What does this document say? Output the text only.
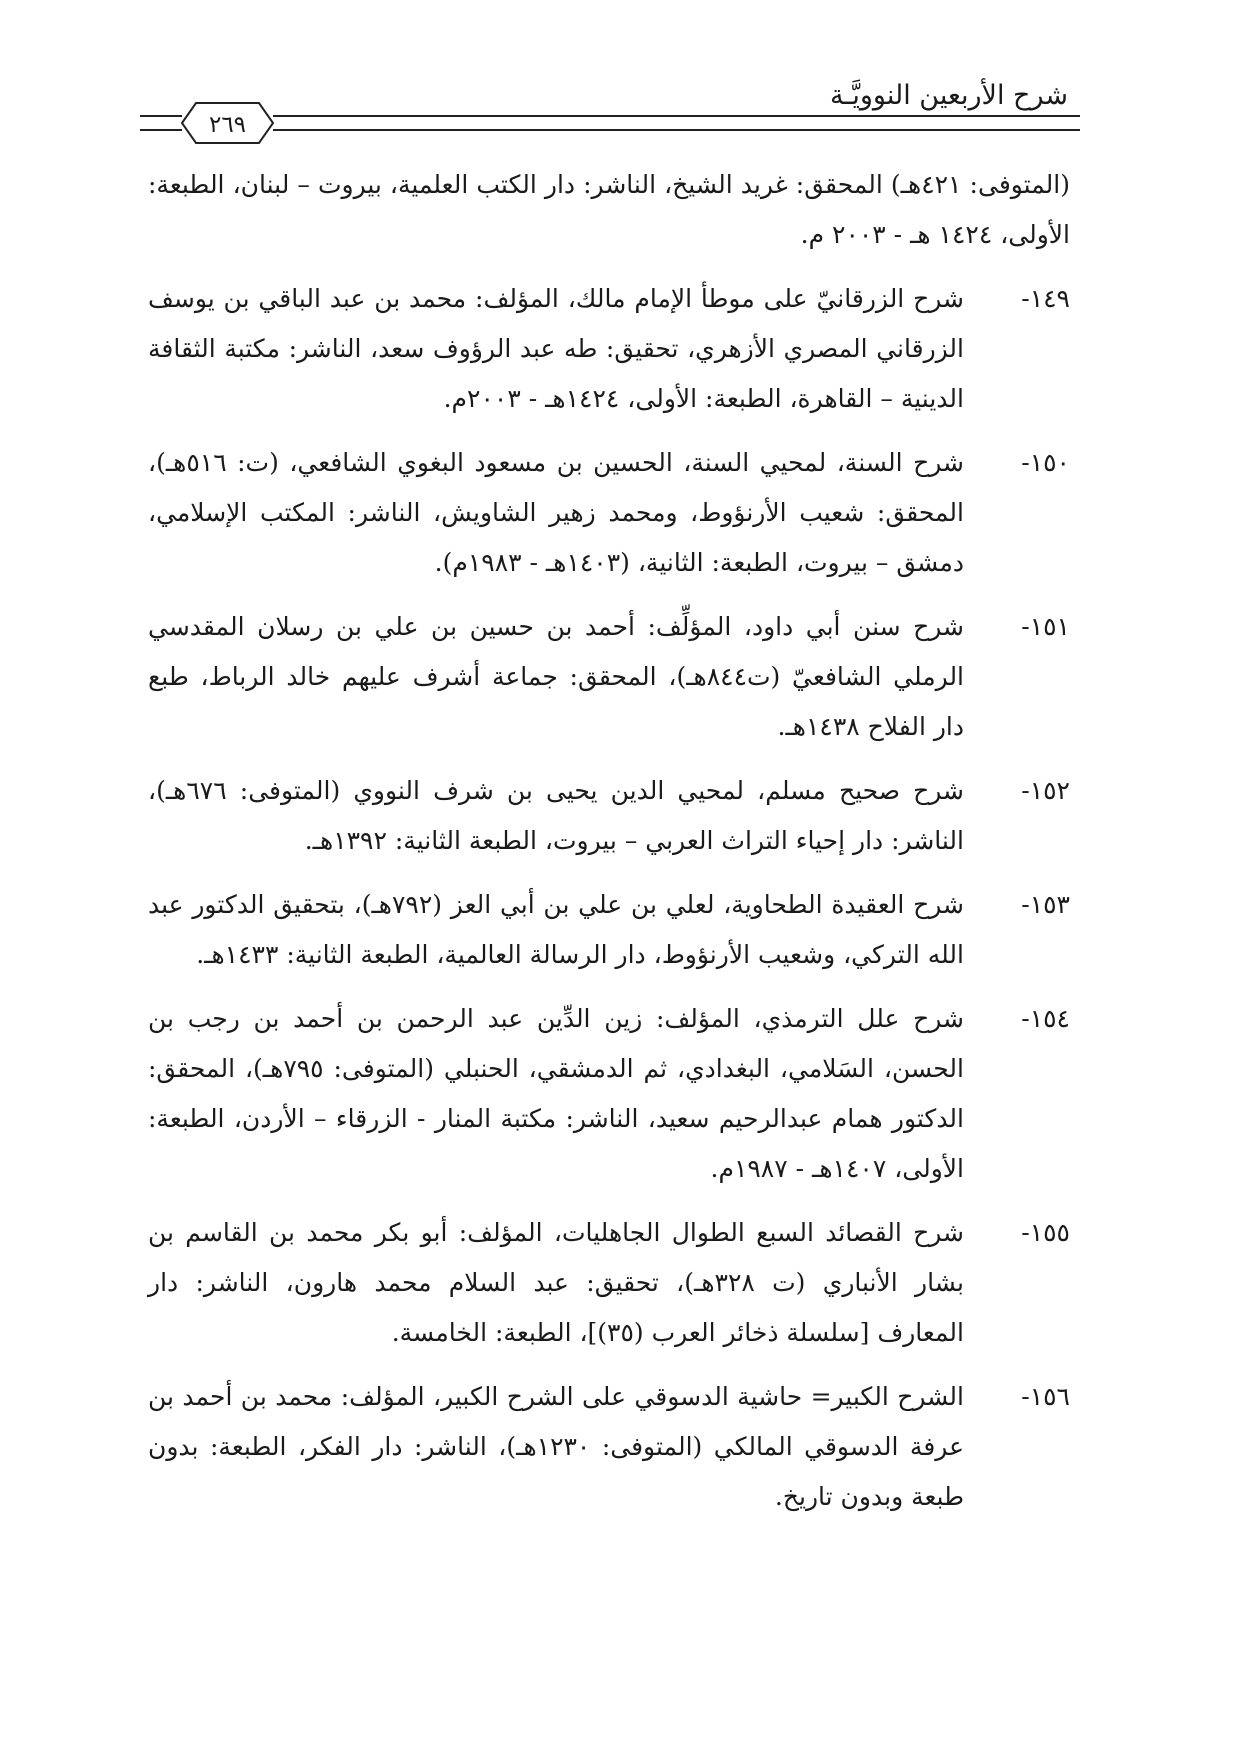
شرح الأربعين النوويَّـة
٢٦٩
(المتوفى: ٤٢١هـ) المحقق: غريد الشيخ، الناشر: دار الكتب العلمية، بيروت – لبنان، الطبعة: الأولى، ١٤٢٤ هـ - ٢٠٠٣ م.
١٤٩-
شرح الزرقانيّ على موطأ الإمام مالك، المؤلف: محمد بن عبد الباقي بن يوسف الزرقاني المصري الأزهري، تحقيق: طه عبد الرؤوف سعد، الناشر: مكتبة الثقافة الدينية – القاهرة، الطبعة: الأولى، ١٤٢٤هـ - ٢٠٠٣م.
١٥٠-
شرح السنة، لمحيي السنة، الحسين بن مسعود البغوي الشافعي، (ت: ٥١٦هـ)، المحقق: شعيب الأرنؤوط، ومحمد زهير الشاويش، الناشر: المكتب الإسلامي، دمشق – بيروت، الطبعة: الثانية، (١٤٠٣هـ - ١٩٨٣م).
١٥١-
شرح سنن أبي داود، المؤلِّف: أحمد بن حسين بن علي بن رسلان المقدسي الرملي الشافعيّ (ت٨٤٤هـ)، المحقق: جماعة أشرف عليهم خالد الرباط، طبع دار الفلاح ١٤٣٨هـ.
١٥٢-
شرح صحيح مسلم، لمحيي الدين يحيى بن شرف النووي (المتوفى: ٦٧٦هـ)، الناشر: دار إحياء التراث العربي – بيروت، الطبعة الثانية: ١٣٩٢هـ.
١٥٣-
شرح العقيدة الطحاوية، لعلي بن علي بن أبي العز (٧٩٢هـ)، بتحقيق الدكتور عبد الله التركي، وشعيب الأرنؤوط، دار الرسالة العالمية، الطبعة الثانية: ١٤٣٣هـ.
١٥٤-
شرح علل الترمذي، المؤلف: زين الدِّين عبد الرحمن بن أحمد بن رجب بن الحسن، السَلامي، البغدادي، ثم الدمشقي، الحنبلي (المتوفى: ٧٩٥هـ)، المحقق: الدكتور همام عبدالرحيم سعيد، الناشر: مكتبة المنار - الزرقاء – الأردن، الطبعة: الأولى، ١٤٠٧هـ - ١٩٨٧م.
١٥٥-
شرح القصائد السبع الطوال الجاهليات، المؤلف: أبو بكر محمد بن القاسم بن بشار الأنباري (ت ٣٢٨هـ)، تحقيق: عبد السلام محمد هارون، الناشر: دار المعارف [سلسلة ذخائر العرب (٣٥)]، الطبعة: الخامسة.
١٥٦-
الشرح الكبير= حاشية الدسوقي على الشرح الكبير، المؤلف: محمد بن أحمد بن عرفة الدسوقي المالكي (المتوفى: ١٢٣٠هـ)، الناشر: دار الفكر، الطبعة: بدون طبعة وبدون تاريخ.
